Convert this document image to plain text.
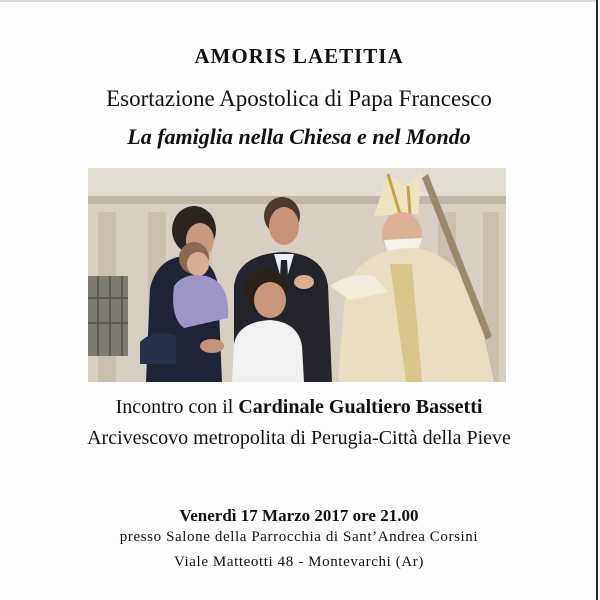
AMORIS LAETITIA
Esortazione Apostolica di Papa Francesco
La famiglia nella Chiesa e nel Mondo
Incontro con il Cardinale Gualtiero Bassetti
Arcivescovo metropolita di Perugia-Città della Pieve
Venerdì 17 Marzo 2017 ore 21.00
presso Salone della Parrocchia di Sant’Andrea Corsini
Viale Matteotti 48 - Montevarchi (Ar)
